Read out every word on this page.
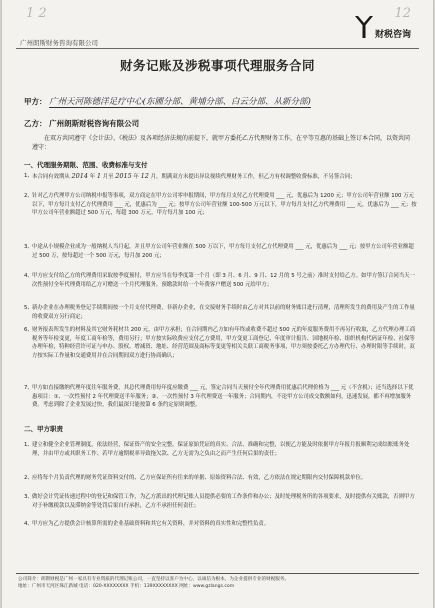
1 2	12
广州朗斯财务咨询有限公司
财税咨询
财务记账及涉税事项代理服务合同
甲方： 广州天河陈德洋足疗中心(东圃分部、黄埔分部、白云分部、从新分部)
乙方： 广州朗斯财税咨询有限公司
在双方共同遵守《会计法》、《税法》及各项经济法规的前提下，就甲方委托乙方代理财务工作，在平等互惠的基础上签订本合同，以资共同遵守：
一、代理服务期限、范围、收费标准与支付
1、 本合同有效期从 2014 年 1 月至 2015 年 12 月，期满双方未提出异议视续代理财务工作，但乙方有权调整收费标准，不另签合同；
2、 针对乙方代理甲方公司纳税申报等事项，双方商定在甲方公司零申报期间，甲方每月支付乙方代理费用 ___ 元，优惠后为 1200 元；甲方公司年营业额 100 万元以下，甲方每月支付乙方代理费用 ___ 元，优惠后为 ___ 元；按甲方公司年营业额 100-500 万元以下，甲方每月支付乙方代理费用 ___ 元，优惠后为 ___ 元；按甲方公司年营业额超过 500 万元，每超 300 万元，甲方每月加 100 元；
3、 中途从小规模企业成为一般纳税人当月起，并且甲方公司年营业额在 500 万以下，甲方每月支付乙方代理费用 ___ 元，优惠后为 ___ 元；按甲方公司年营业额超过 500 万，按每超过一个 500 万元，每月加 200 元；
4、 甲方应支付给乙方的代理费用采取按季度预付，甲方应当在每季度第一个月（即 3 月、6 月、9 月、12 月的 5 号之前）准时支付给乙方。如甲方签订合同当天一次性预付全年代理费用给乙方可赠送一个月代理服务，预缴款时给一个年费客户赠送 500 元给甲方；
5、 新办企业在办理税务登记手续期间按一个月支付代理费，非新办企业，在交接财务手续时由乙方对其以前的财务账目进行清理，清理所发生的费用及产生的工作量的收费双方另行商定；
6、 财务报表所发生的材料及其它财务耗材共 200 元，由甲方承担；在合同期内乙方如有年终或收费不超过 500 元的年度服务费用不再另行收取，乙方代理办理工商税务等年检变更，年度工商年检等，费用另行；甲方按实际收费应支付乙方费用，甲方变更工商登记、年度审计报告、国地税年检、组织机构代码证年检、社保等办理年检，特种经营许可证与申办、股权、增减资、地址、经营范围及商标等变更等相关关联工商税务事项，甲方须按委托乙方办理代行、办理时限等手续时，双方按实际工作量和交通费用并在合同期间双方进行协商确认；
7、 甲方如直接缴纳代理年度往年服务费，其总代理费用每年度应缴费 ___ 元，签定合同当天预付全年代理费用优惠后代理价格为 ___ 元（不含税）；还当选择以下优惠项目：①、一次性预付 2 年代理费送半年服务；②、一次性预付 3 年代理费送一年服务；合同期内，不论甲方公司成交数额如何，迅速发展，都不再增加服务费。考虑到除了企业发展过快，我们最深只能按第 6 条约定原则调整。
二、甲方职责
1、 建立和健全企业管理制度，依法经营，保证资产的安全完整，保证原始凭证的真实、合法、准确和完整，以便乙方能及时依据甲方年报月报顺利完成结账账务处理，并由甲方或其职务工作、若甲方逾期税率导致拖欠款、乙方无需为之负由之而产生任何后果的责任；
2、 应将每个月负责代理的财务凭证资料交付的、乙方应保证所有往来的单据、原始资料合法、有效，乙方依法在规定期限内交付保障税款单位。
3、 做好会计凭证传递过程中的登记和保管工作，为乙方派出的代理记账人员提供必要的工作条件和办公；及时处理税务所的各项要求，及时提供有关账款，否则甲方对于补缴税款以及滞纳金等处罚后果自行承担，乙方不承担任何责任；
4、 甲方应为乙方提供会计核算所需的企业基础资料和其它有关资料，并对资料的真实性和完整性负责。
公司简介：朗斯财税是广州一家具有专业资质的代理记账公司，一直坚持以客户为中心，以诚信为根本，为企业提供专业的财税服务。
地址：广州市天河区珠江新城 电话：020-XXXXXXXX 手机：139XXXXXXXX 网址：www.gzlangs.com
